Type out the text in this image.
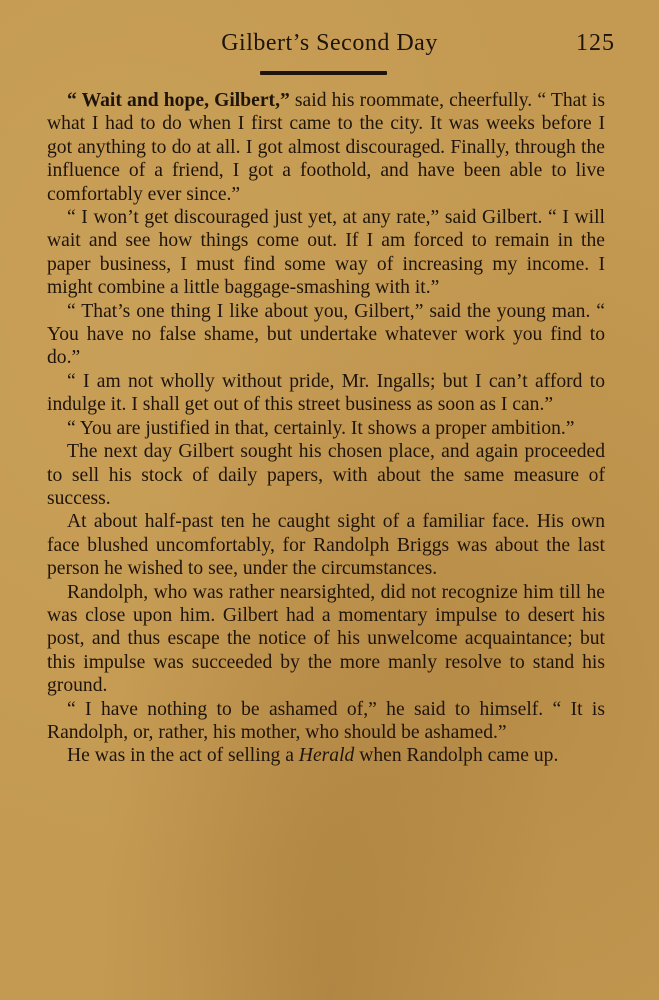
Gilbert’s Second Day	125

“ Wait and hope, Gilbert,” said his roommate, cheerfully. “ That is what I had to do when I first came to the city. It was weeks before I got anything to do at all. I got almost discouraged. Finally, through the influence of a friend, I got a foothold, and have been able to live comfortably ever since.”

“ I won’t get discouraged just yet, at any rate,” said Gilbert. “ I will wait and see how things come out. If I am forced to remain in the paper business, I must find some way of increasing my income. I might combine a little baggage-smashing with it.”

“ That’s one thing I like about you, Gilbert,” said the young man. “ You have no false shame, but undertake whatever work you find to do.”

“ I am not wholly without pride, Mr. Ingalls; but I can’t afford to indulge it. I shall get out of this street business as soon as I can.”

“ You are justified in that, certainly. It shows a proper ambition.”

The next day Gilbert sought his chosen place, and again proceeded to sell his stock of daily papers, with about the same measure of success.

At about half-past ten he caught sight of a familiar face. His own face blushed uncomfortably, for Randolph Briggs was about the last person he wished to see, under the circumstances.

Randolph, who was rather nearsighted, did not recognize him till he was close upon him. Gilbert had a momentary impulse to desert his post, and thus escape the notice of his unwelcome acquaintance; but this impulse was succeeded by the more manly resolve to stand his ground.

“ I have nothing to be ashamed of,” he said to himself. “ It is Randolph, or, rather, his mother, who should be ashamed.”

He was in the act of selling a Herald when Randolph came up.
